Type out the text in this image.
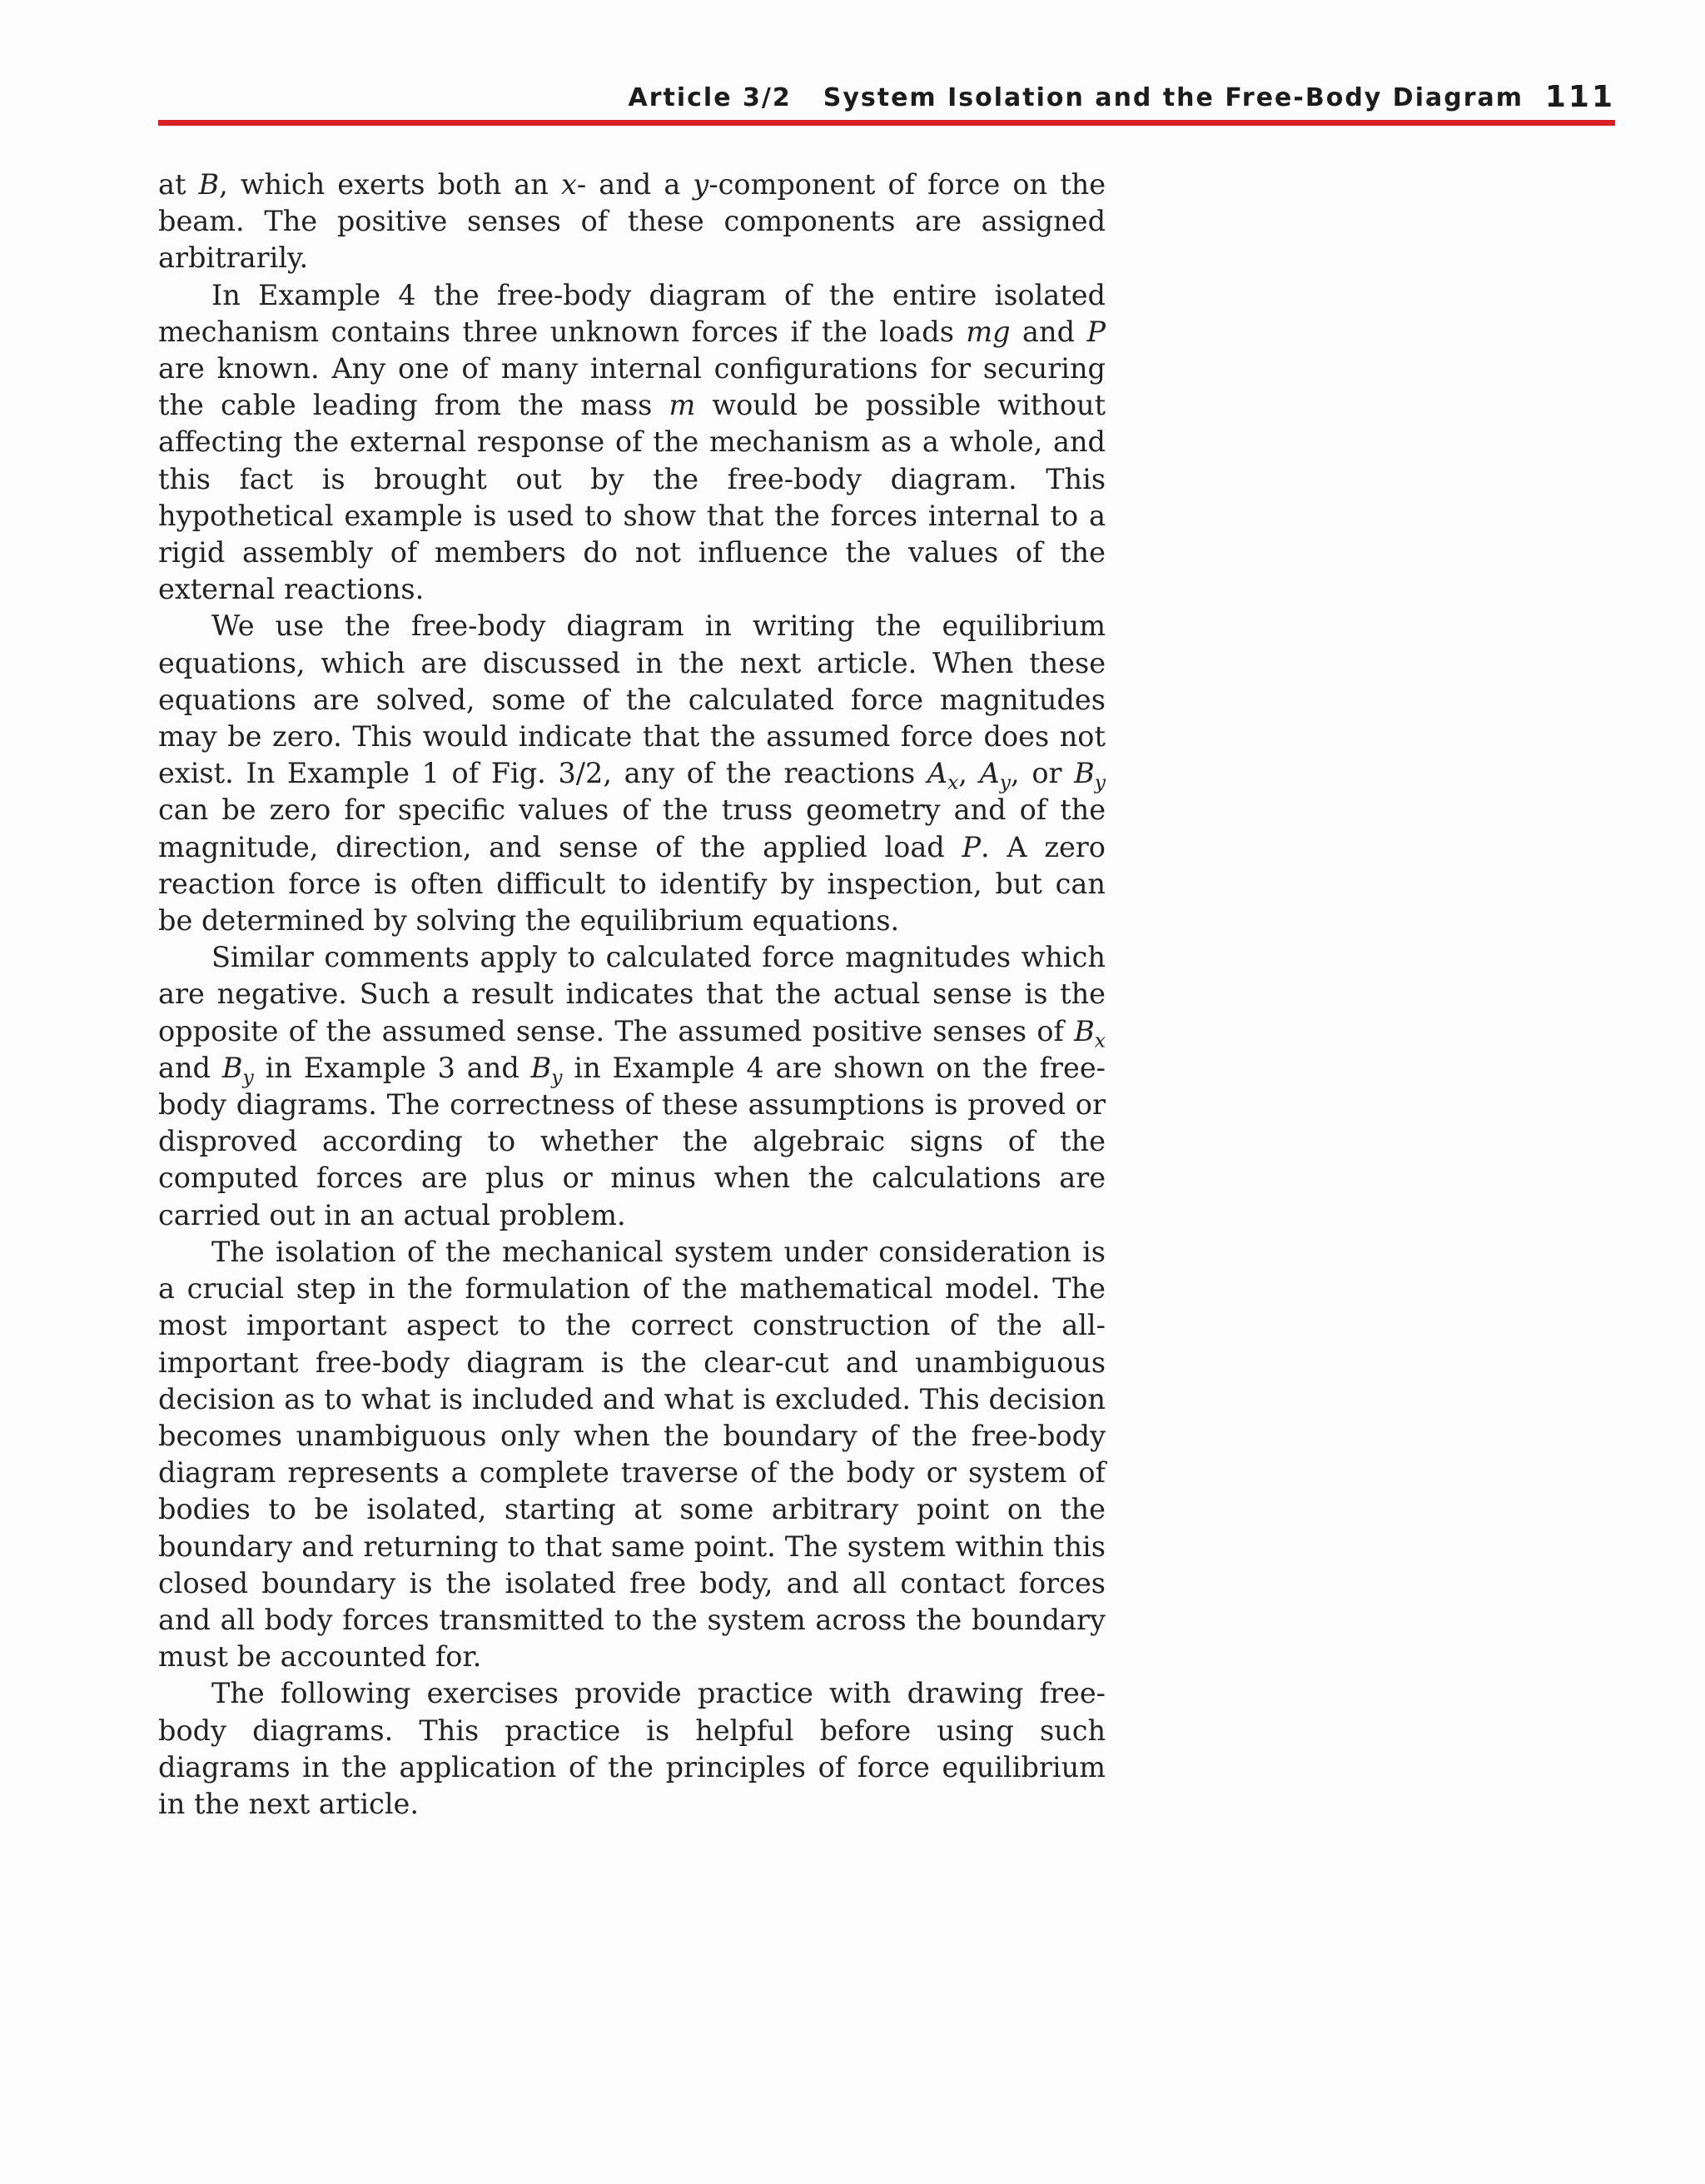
Article 3/2 System Isolation and the Free-Body Diagram 111

at B, which exerts both an x- and a y-component of force on the beam. The positive senses of these components are assigned arbitrarily.

In Example 4 the free-body diagram of the entire isolated mechanism contains three unknown forces if the loads mg and P are known. Any one of many internal configurations for securing the cable leading from the mass m would be possible without affecting the external response of the mechanism as a whole, and this fact is brought out by the free-body diagram. This hypothetical example is used to show that the forces internal to a rigid assembly of members do not influence the values of the external reactions.

We use the free-body diagram in writing the equilibrium equations, which are discussed in the next article. When these equations are solved, some of the calculated force magnitudes may be zero. This would indicate that the assumed force does not exist. In Example 1 of Fig. 3/2, any of the reactions $A_x$, $A_y$, or $B_y$ can be zero for specific values of the truss geometry and of the magnitude, direction, and sense of the applied load P. A zero reaction force is often difficult to identify by inspection, but can be determined by solving the equilibrium equations.

Similar comments apply to calculated force magnitudes which are negative. Such a result indicates that the actual sense is the opposite of the assumed sense. The assumed positive senses of $B_x$ and $B_y$ in Example 3 and $B_y$ in Example 4 are shown on the free-body diagrams. The correctness of these assumptions is proved or disproved according to whether the algebraic signs of the computed forces are plus or minus when the calculations are carried out in an actual problem.

The isolation of the mechanical system under consideration is a crucial step in the formulation of the mathematical model. The most important aspect to the correct construction of the all-important free-body diagram is the clear-cut and unambiguous decision as to what is included and what is excluded. This decision becomes unambiguous only when the boundary of the free-body diagram represents a complete traverse of the body or system of bodies to be isolated, starting at some arbitrary point on the boundary and returning to that same point. The system within this closed boundary is the isolated free body, and all contact forces and all body forces transmitted to the system across the boundary must be accounted for.

The following exercises provide practice with drawing free-body diagrams. This practice is helpful before using such diagrams in the application of the principles of force equilibrium in the next article.
